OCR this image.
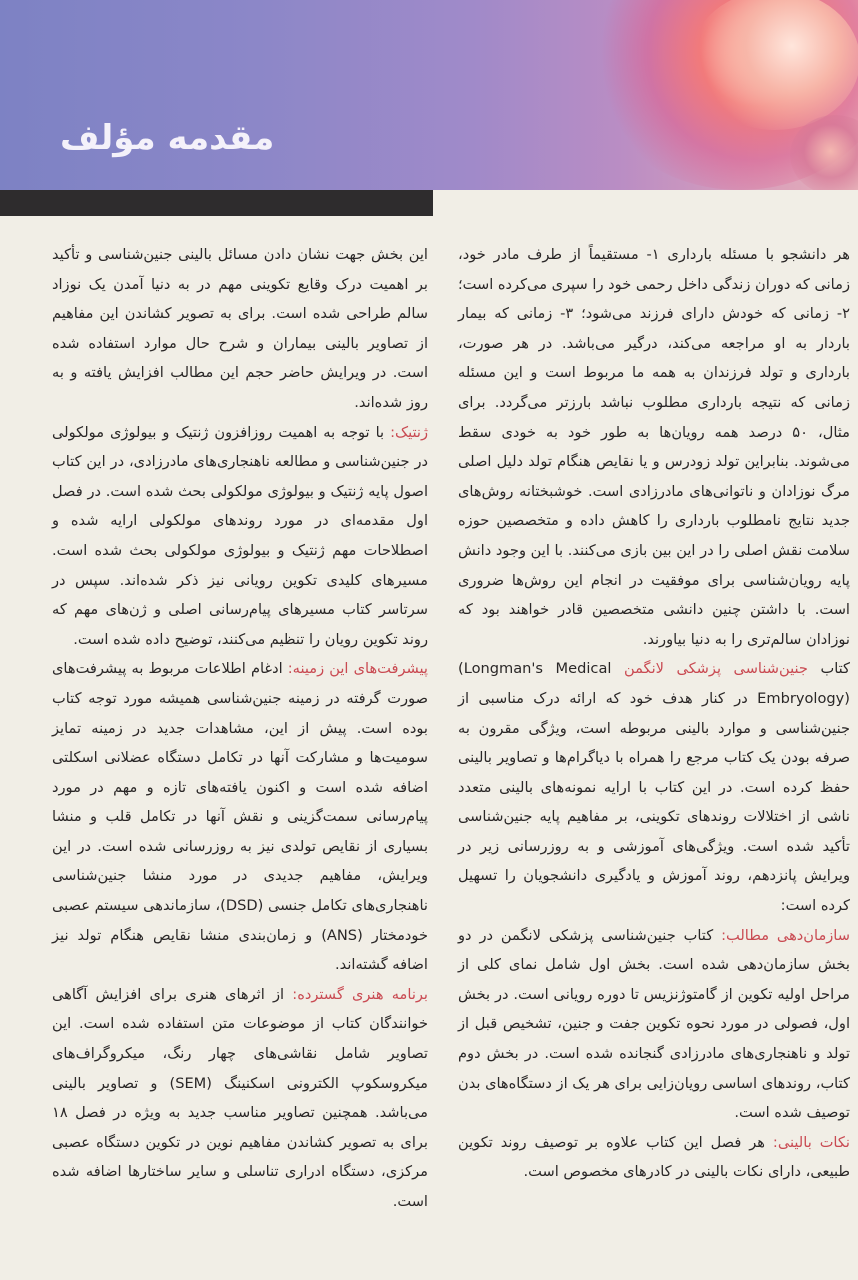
مقدمه مؤلف

هر دانشجو با مسئله بارداری ۱- مستقیماً از طرف مادر خود، زمانی که دوران زندگی داخل رحمی خود را سپری می‌کرده است؛ ۲- زمانی که خودش دارای فرزند می‌شود؛ ۳- زمانی که بیمار باردار به او مراجعه می‌کند، درگیر می‌باشد. در هر صورت، بارداری و تولد فرزندان به همه ما مربوط است و این مسئله زمانی که نتیجه بارداری مطلوب نباشد بارزتر می‌گردد. برای مثال، ۵۰ درصد همه رویان‌ها به طور خود به خودی سقط می‌شوند. بنابراین تولد زودرس و یا نقایص هنگام تولد دلیل اصلی مرگ نوزادان و ناتوانی‌های مادرزادی است. خوشبختانه روش‌های جدید نتایج نامطلوب بارداری را کاهش داده و متخصصین حوزه سلامت نقش اصلی را در این بین بازی می‌کنند. با این وجود دانش پایه رویان‌شناسی برای موفقیت در انجام این روش‌ها ضروری است. با داشتن چنین دانشی متخصصین قادر خواهند بود که نوزادان سالم‌تری را به دنیا بیاورند.

کتاب جنین‌شناسی پزشکی لانگمن (Longman's Medical Embryology) در کنار هدف خود که ارائه درک مناسبی از جنین‌شناسی و موارد بالینی مربوطه است، ویژگی مقرون به صرفه بودن یک کتاب مرجع را همراه با دیاگرام‌ها و تصاویر بالینی حفظ کرده است. در این کتاب با ارایه نمونه‌های بالینی متعدد ناشی از اختلالات روندهای تکوینی، بر مفاهیم پایه جنین‌شناسی تأکید شده است. ویژگی‌های آموزشی و به روزرسانی زیر در ویرایش پانزدهم، روند آموزش و یادگیری دانشجویان را تسهیل کرده است:

سازمان‌دهی مطالب: کتاب جنین‌شناسی پزشکی لانگمن در دو بخش سازمان‌دهی شده است. بخش اول شامل نمای کلی از مراحل اولیه تکوین از گامتوژنزیس تا دوره رویانی است. در بخش اول، فصولی در مورد نحوه تکوین جفت و جنین، تشخیص قبل از تولد و ناهنجاری‌های مادرزادی گنجانده شده است. در بخش دوم کتاب، روندهای اساسی رویان‌زایی برای هر یک از دستگاه‌های بدن توصیف شده است.

نکات بالینی: هر فصل این کتاب علاوه بر توصیف روند تکوین طبیعی، دارای نکات بالینی در کادرهای مخصوص است.

این بخش جهت نشان دادن مسائل بالینی جنین‌شناسی و تأکید بر اهمیت درک وقایع تکوینی مهم در به دنیا آمدن یک نوزاد سالم طراحی شده است. برای به تصویر کشاندن این مفاهیم از تصاویر بالینی بیماران و شرح حال موارد استفاده شده است. در ویرایش حاضر حجم این مطالب افزایش یافته و به روز شده‌اند.

ژنتیک: با توجه به اهمیت روزافزون ژنتیک و بیولوژی مولکولی در جنین‌شناسی و مطالعه ناهنجاری‌های مادرزادی، در این کتاب اصول پایه ژنتیک و بیولوژی مولکولی بحث شده است. در فصل اول مقدمه‌ای در مورد روندهای مولکولی ارایه شده و اصطلاحات مهم ژنتیک و بیولوژی مولکولی بحث شده است. مسیرهای کلیدی تکوین رویانی نیز ذکر شده‌اند. سپس در سرتاسر کتاب مسیرهای پیام‌رسانی اصلی و ژن‌های مهم که روند تکوین رویان را تنظیم می‌کنند، توضیح داده شده است.

پیشرفت‌های این زمینه: ادغام اطلاعات مربوط به پیشرفت‌های صورت گرفته در زمینه جنین‌شناسی همیشه مورد توجه کتاب بوده است. پیش از این، مشاهدات جدید در زمینه تمایز سومیت‌ها و مشارکت آنها در تکامل دستگاه عضلانی اسکلتی اضافه شده است و اکنون یافته‌های تازه و مهم در مورد پیام‌رسانی سمت‌گزینی و نقش آنها در تکامل قلب و منشا بسیاری از نقایص تولدی نیز به روزرسانی شده است. در این ویرایش، مفاهیم جدیدی در مورد منشا جنین‌شناسی ناهنجاری‌های تکامل جنسی (DSD)، سازماندهی سیستم عصبی خودمختار (ANS) و زمان‌بندی منشا نقایص هنگام تولد نیز اضافه گشته‌اند.

برنامه هنری گسترده: از اثرهای هنری برای افزایش آگاهی خوانندگان کتاب از موضوعات متن استفاده شده است. این تصاویر شامل نقاشی‌های چهار رنگ، میکروگراف‌های میکروسکوپ الکترونی اسکنینگ (SEM) و تصاویر بالینی می‌باشد. همچنین تصاویر مناسب جدید به ویژه در فصل ۱۸ برای به تصویر کشاندن مفاهیم نوین در تکوین دستگاه عصبی مرکزی، دستگاه ادراری تناسلی و سایر ساختارها اضافه شده است.
